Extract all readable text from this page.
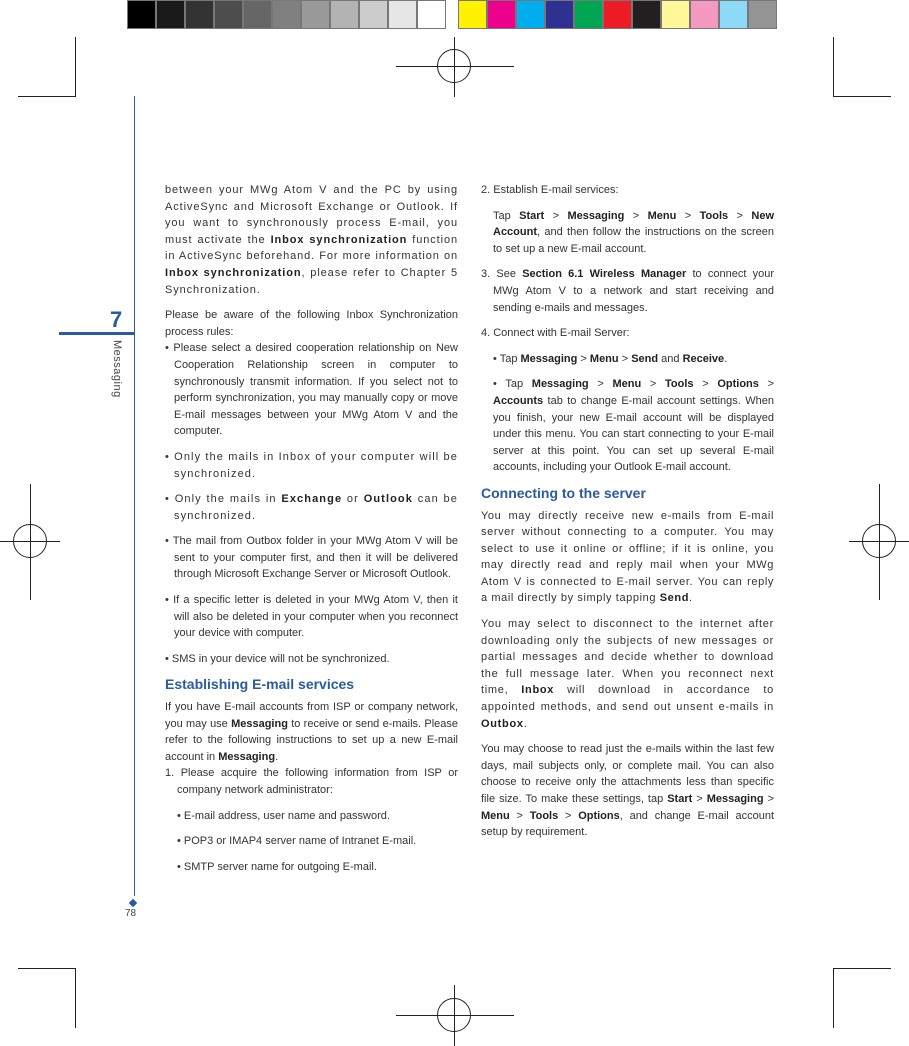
7
Messaging
78

between your MWg Atom V and the PC by using ActiveSync and Microsoft Exchange or Outlook. If you want to synchronously process E-mail, you must activate the Inbox synchronization function in ActiveSync beforehand. For more information on Inbox synchronization, please refer to Chapter 5 Synchronization.

Please be aware of the following Inbox Synchronization process rules:

• Please select a desired cooperation relationship on New Cooperation Relationship screen in computer to synchronously transmit information. If you select not to perform synchronization, you may manually copy or move E-mail messages between your MWg Atom V and the computer.

• Only the mails in Inbox of your computer will be synchronized.

• Only the mails in Exchange or Outlook can be synchronized.

• The mail from Outbox folder in your MWg Atom V will be sent to your computer first, and then it will be delivered through Microsoft Exchange Server or Microsoft Outlook.

• If a specific letter is deleted in your MWg Atom V, then it will also be deleted in your computer when you reconnect your device with computer.

• SMS in your device will not be synchronized.

Establishing E-mail services

If you have E-mail accounts from ISP or company network, you may use Messaging to receive or send e-mails. Please refer to the following instructions to set up a new E-mail account in Messaging.

1. Please acquire the following information from ISP or company network administrator:

• E-mail address, user name and password.

• POP3 or IMAP4 server name of Intranet E-mail.

• SMTP server name for outgoing E-mail.

2. Establish E-mail services:

Tap Start > Messaging > Menu > Tools > New Account, and then follow the instructions on the screen to set up a new E-mail account.

3. See Section 6.1 Wireless Manager to connect your MWg Atom V to a network and start receiving and sending e-mails and messages.

4. Connect with E-mail Server:

• Tap Messaging > Menu > Send and Receive.

• Tap Messaging > Menu > Tools > Options > Accounts tab to change E-mail account settings. When you finish, your new E-mail account will be displayed under this menu. You can start connecting to your E-mail server at this point. You can set up several E-mail accounts, including your Outlook E-mail account.

Connecting to the server

You may directly receive new e-mails from E-mail server without connecting to a computer. You may select to use it online or offline; if it is online, you may directly read and reply mail when your MWg Atom V is connected to E-mail server. You can reply a mail directly by simply tapping Send.

You may select to disconnect to the internet after downloading only the subjects of new messages or partial messages and decide whether to download the full message later. When you reconnect next time, Inbox will download in accordance to appointed methods, and send out unsent e-mails in Outbox.

You may choose to read just the e-mails within the last few days, mail subjects only, or complete mail. You can also choose to receive only the attachments less than specific file size. To make these settings, tap Start > Messaging > Menu > Tools > Options, and change E-mail account setup by requirement.
